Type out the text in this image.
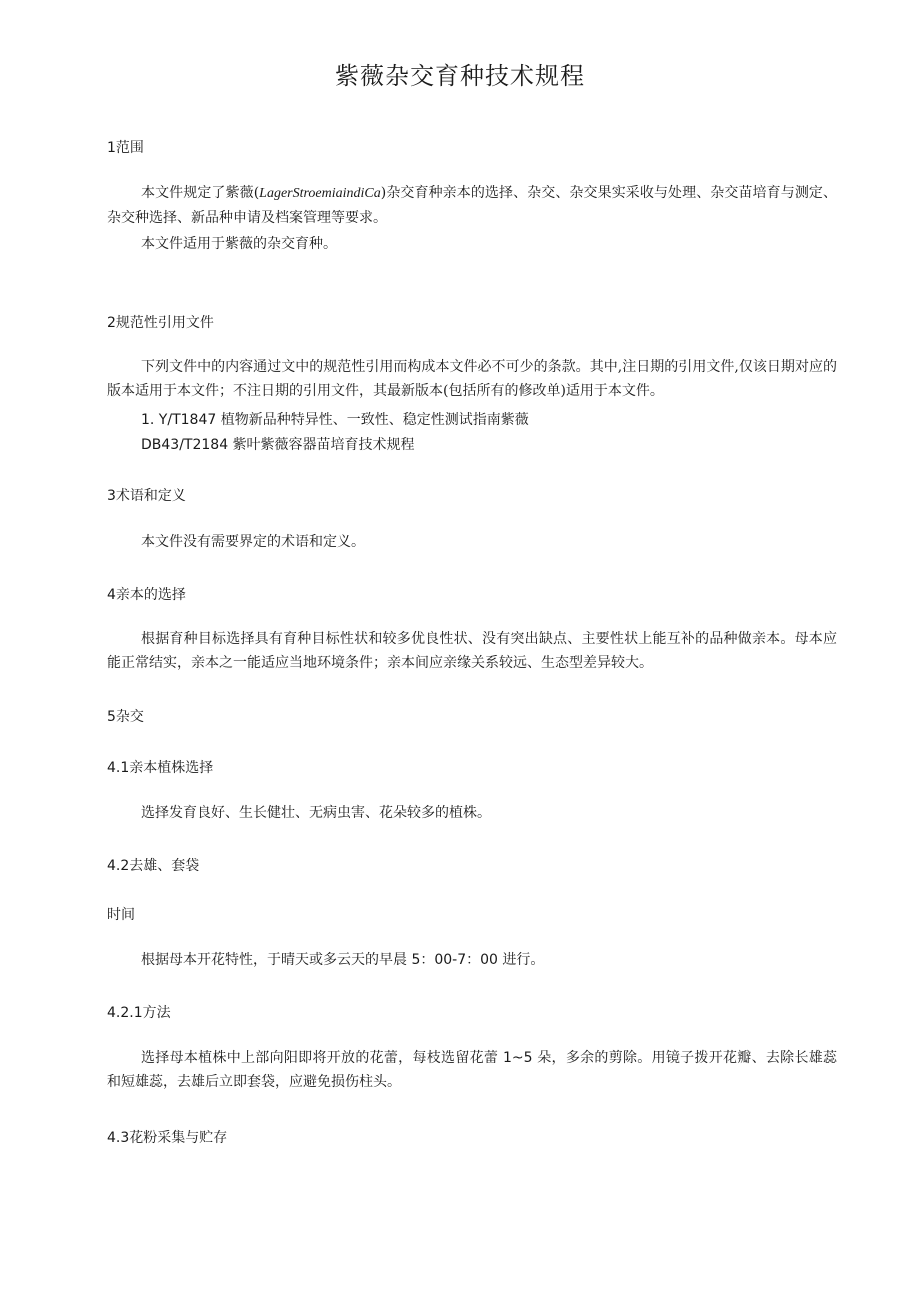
紫薇杂交育种技术规程
1范围
本文件规定了紫薇(LagerStroemiaindiCa)杂交育种亲本的选择、杂交、杂交果实采收与处理、杂交苗培育与测定、杂交种选择、新品种申请及档案管理等要求。
本文件适用于紫薇的杂交育种。
2规范性引用文件
下列文件中的内容通过文中的规范性引用而构成本文件必不可少的条款。其中,注日期的引用文件,仅该日期对应的版本适用于本文件；不注日期的引用文件，其最新版本(包括所有的修改单)适用于本文件。
1. Y/T1847 植物新品种特异性、一致性、稳定性测试指南紫薇
DB43/T2184 紫叶紫薇容器苗培育技术规程
3术语和定义
本文件没有需要界定的术语和定义。
4亲本的选择
根据育种目标选择具有育种目标性状和较多优良性状、没有突出缺点、主要性状上能互补的品种做亲本。母本应能正常结实，亲本之一能适应当地环境条件；亲本间应亲缘关系较远、生态型差异较大。
5杂交
4.1亲本植株选择
选择发育良好、生长健壮、无病虫害、花朵较多的植株。
4.2去雄、套袋
时间
根据母本开花特性，于晴天或多云天的早晨 5：00-7：00 进行。
4.2.1方法
选择母本植株中上部向阳即将开放的花蕾，每枝选留花蕾 1~5 朵，多余的剪除。用镜子拨开花瓣、去除长雄蕊和短雄蕊，去雄后立即套袋，应避免损伤柱头。
4.3花粉采集与贮存
